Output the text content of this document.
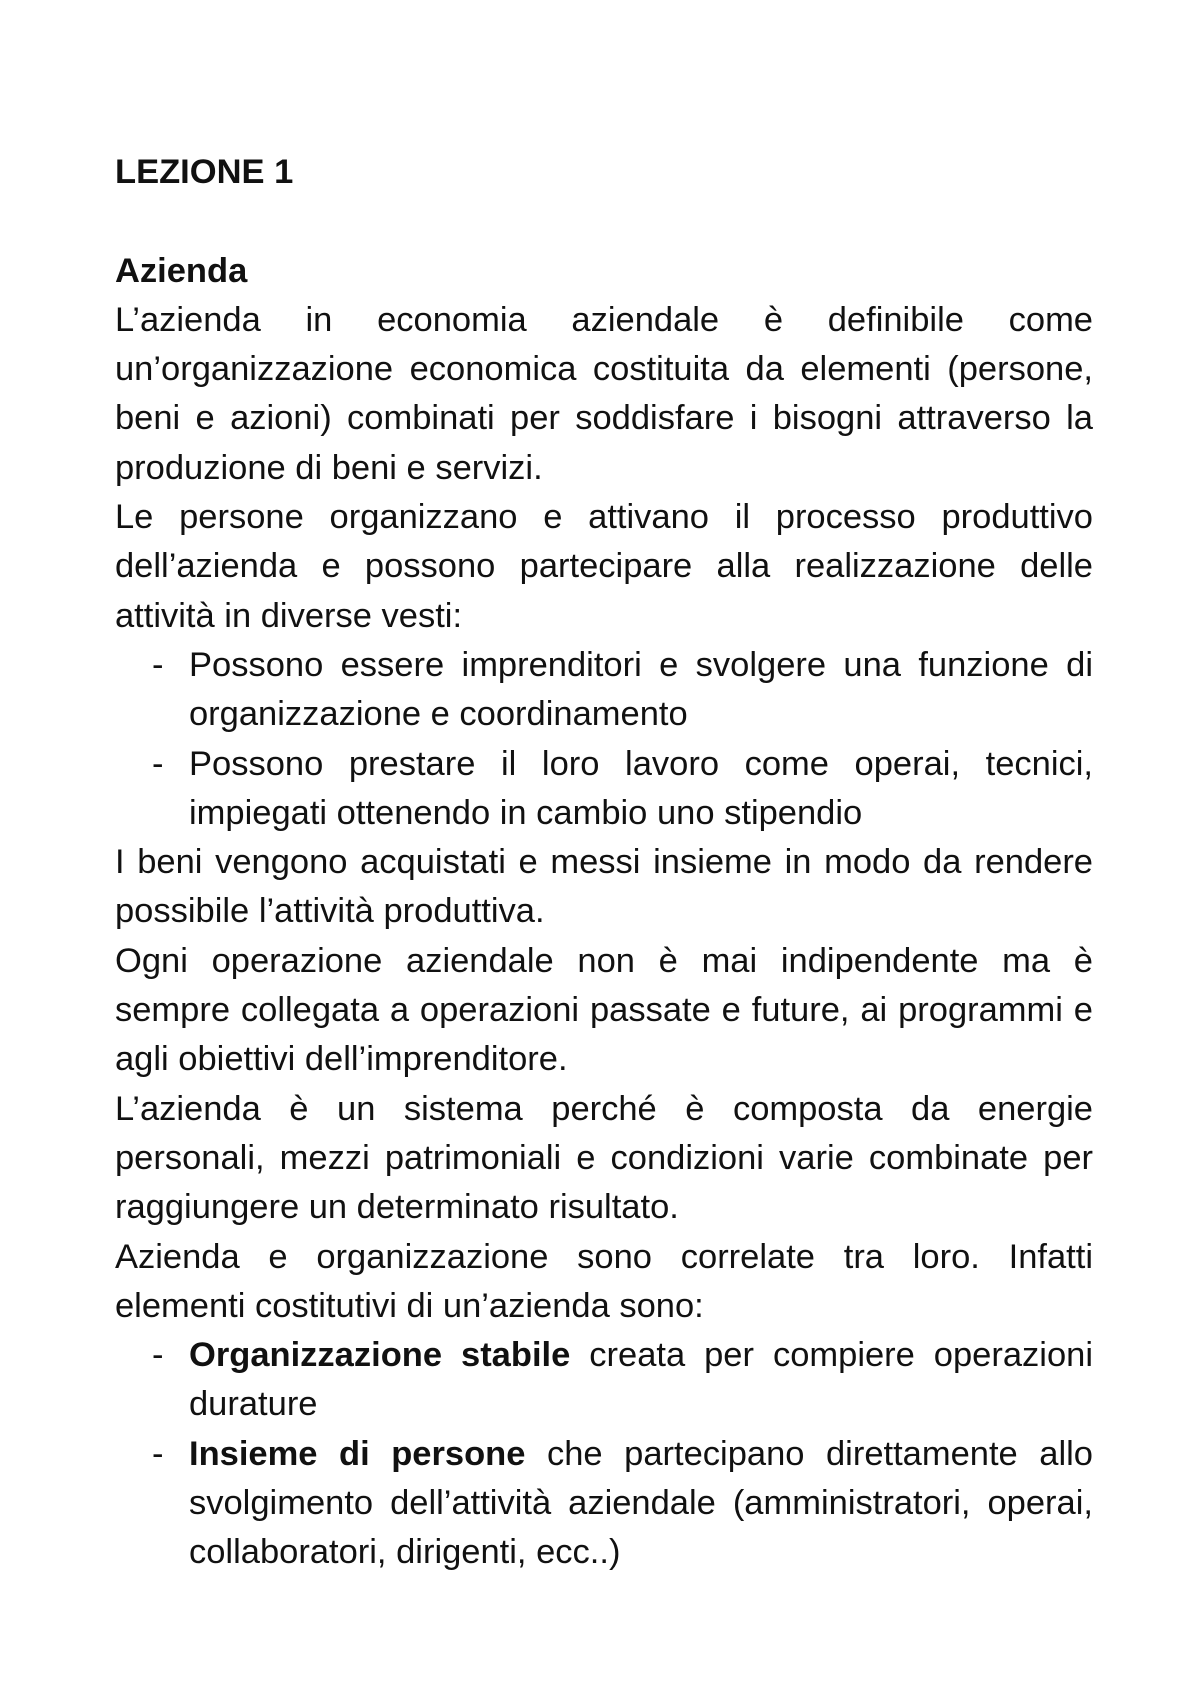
LEZIONE 1
Azienda

L’azienda in economia aziendale è definibile come un’organizzazione economica costituita da elementi (persone, beni e azioni) combinati per soddisfare i bisogni attraverso la produzione di beni e servizi.

Le persone organizzano e attivano il processo produttivo dell’azienda e possono partecipare alla realizzazione delle attività in diverse vesti:

- Possono essere imprenditori e svolgere una funzione di organizzazione e coordinamento
- Possono prestare il loro lavoro come operai, tecnici, impiegati ottenendo in cambio uno stipendio

I beni vengono acquistati e messi insieme in modo da rendere possibile l’attività produttiva.

Ogni operazione aziendale non è mai indipendente ma è sempre collegata a operazioni passate e future, ai programmi e agli obiettivi dell’imprenditore.

L’azienda è un sistema perché è composta da energie personali, mezzi patrimoniali e condizioni varie combinate per raggiungere un determinato risultato.

Azienda e organizzazione sono correlate tra loro. Infatti elementi costitutivi di un’azienda sono:

- Organizzazione stabile creata per compiere operazioni durature
- Insieme di persone che partecipano direttamente allo svolgimento dell’attività aziendale (amministratori, operai, collaboratori, dirigenti, ecc..)
